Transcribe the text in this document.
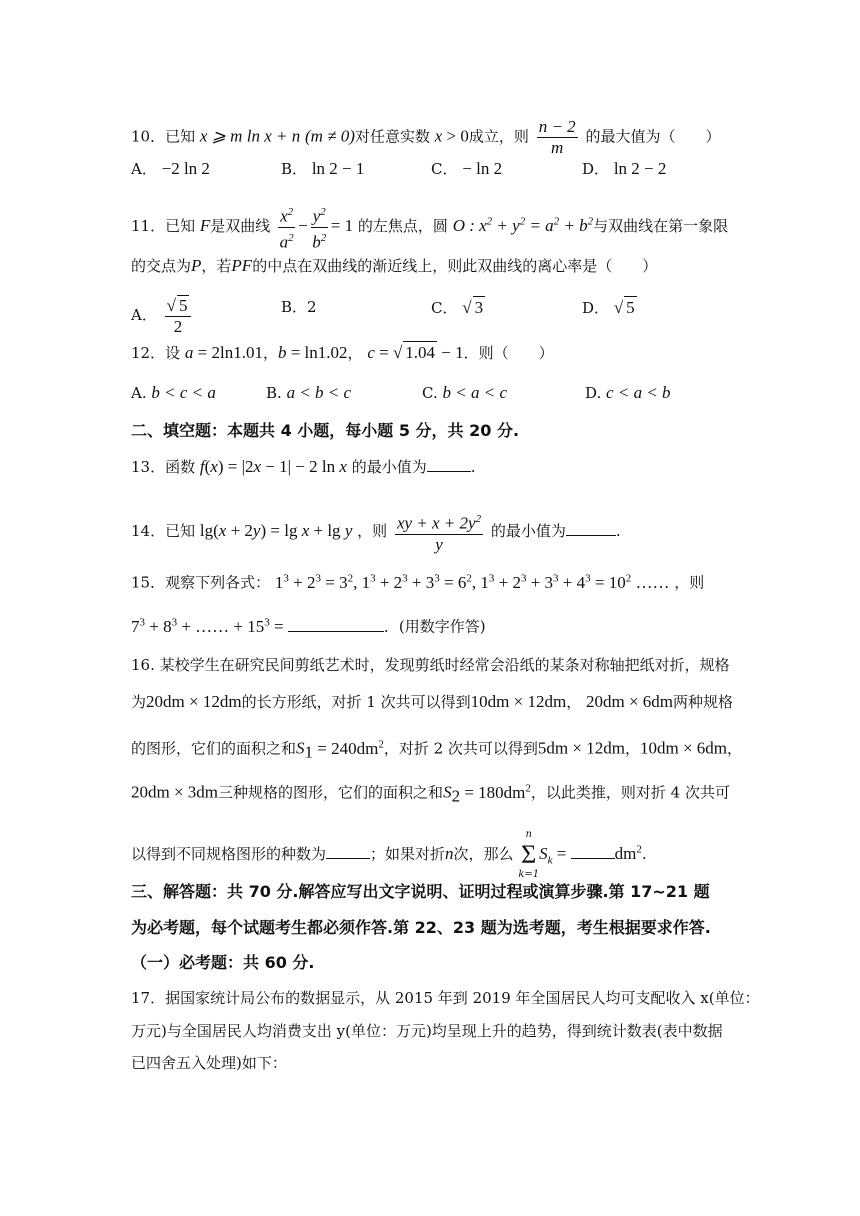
10．已知 x ⩾ m ln x + n (m ≠ 0)对任意实数 x > 0成立，则 $\frac{n - 2}{m}$ 的最大值为（　　）
A． −2 ln 2	B． ln 2 − 1	C． − ln 2	D． ln 2 − 2
11．已知 F是双曲线 $\frac{x^2}{a^2} - \frac{y^2}{b^2} = 1$ 的左焦点，圆 O : $x^2 + y^2 = a^2 + b^2$与双曲线在第一象限
的交点为P，若PF的中点在双曲线的渐近线上，则此双曲线的离心率是（　　）
A． $\frac{√ 5}{2}$	B．2	C． √ 3	D． √ 5
12．设 a = 2ln1.01，b = ln1.02， c = √ 1.04 − 1．则（　　）
A. b < c < a	B. a < b < c	C. b < a < c	D. c < a < b
二、填空题：本题共 4 小题，每小题 5 分，共 20 分.
13．函数 f(x) = |2x − 1| − 2 ln x 的最小值为	.
14．已知 lg(x + 2y) = lg x + lg y ，则 $\frac{xy + x + 2y^2}{y}$ 的最小值为	.
15．观察下列各式： $1^3 + 2^3 = 3^2$, $1^3 + 2^3 + 3^3 = 6^2$, $1^3 + 2^3 + 3^3 + 4^3 = 10^2$ …… ，则
$7^3 + 8^3$ + …… + $15^3$ =	．(用数字作答)
16. 某校学生在研究民间剪纸艺术时，发现剪纸时经常会沿纸的某条对称轴把纸对折，规格
为20dm × 12dm的长方形纸，对折 1 次共可以得到10dm × 12dm， 20dm × 6dm两种规格
的图形，它们的面积之和$S_1 = 240dm^2$，对折 2 次共可以得到5dm × 12dm，10dm × 6dm，
20dm × 3dm三种规格的图形，它们的面积之和$S_2 = 180dm^2$，以此类推，则对折 4 次共可
以得到不同规格图形的种数为	；如果对折n次，那么
n
Σ
k=1
$S_k$ =	$dm^2$.
三、解答题：共 70 分.解答应写出文字说明、证明过程或演算步骤.第 17~21 题
为必考题，每个试题考生都必须作答.第 22、23 题为选考题，考生根据要求作答.
（一）必考题：共 60 分.
17．据国家统计局公布的数据显示，从 2015 年到 2019 年全国居民人均可支配收入 x(单位：
万元)与全国居民人均消费支出 y(单位：万元)均呈现上升的趋势，得到统计数表(表中数据
已四舍五入处理)如下：
